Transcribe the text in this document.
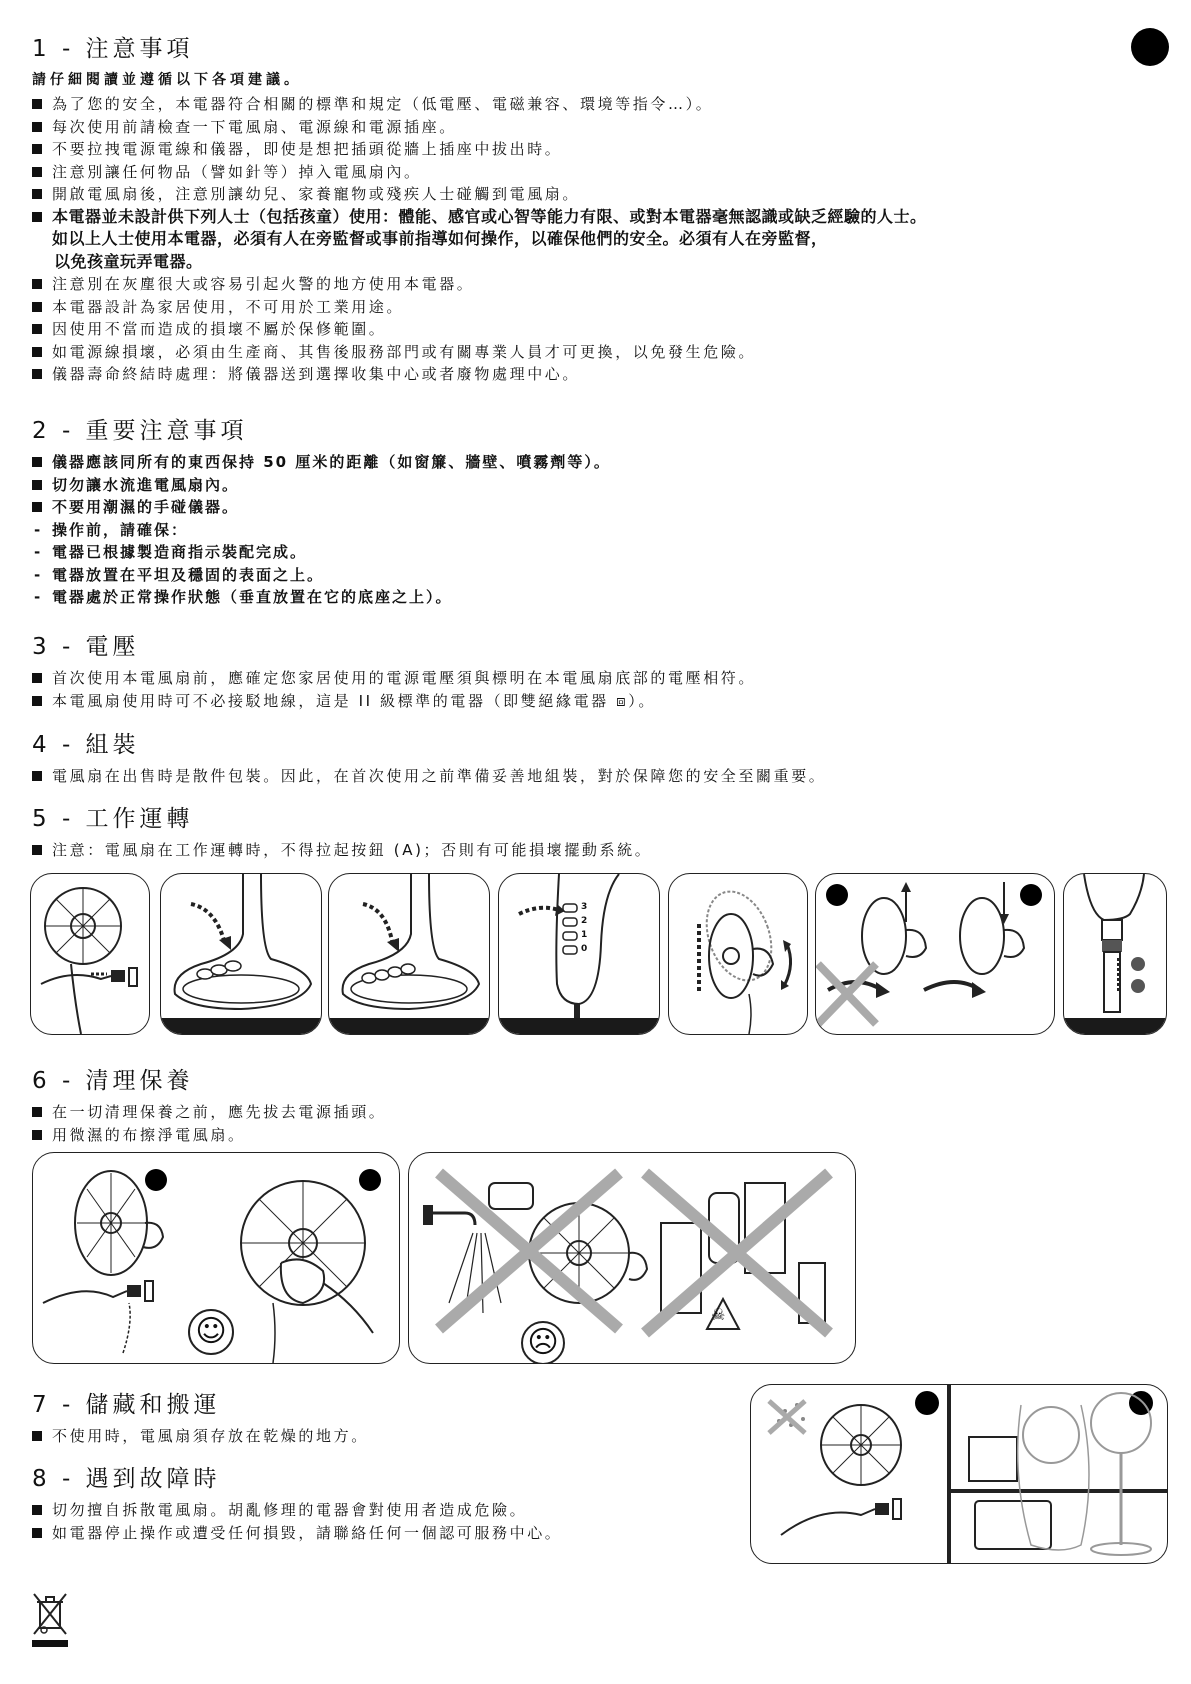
1 - 注意事項
請仔細閱讀並遵循以下各項建議。
為了您的安全，本電器符合相關的標準和規定（低電壓、電磁兼容、環境等指令…）。
每次使用前請檢查一下電風扇、電源線和電源插座。
不要拉拽電源電線和儀器，即使是想把插頭從牆上插座中拔出時。
注意別讓任何物品（譬如針等）掉入電風扇內。
開啟電風扇後，注意別讓幼兒、家養寵物或殘疾人士碰觸到電風扇。
本電器並未設計供下列人士（包括孩童）使用：體能、感官或心智等能力有限、或對本電器毫無認識或缺乏經驗的人士。
如以上人士使用本電器，必須有人在旁監督或事前指導如何操作，以確保他們的安全。必須有人在旁監督，
以免孩童玩弄電器。
注意別在灰塵很大或容易引起火警的地方使用本電器。
本電器設計為家居使用，不可用於工業用途。
因使用不當而造成的損壞不屬於保修範圍。
如電源線損壞，必須由生產商、其售後服務部門或有關專業人員才可更換，以免發生危險。
儀器壽命終結時處理：將儀器送到選擇收集中心或者廢物處理中心。
2 - 重要注意事項
儀器應該同所有的東西保持 50 厘米的距離（如窗簾、牆壁、噴霧劑等）。
切勿讓水流進電風扇內。
不要用潮濕的手碰儀器。
- 操作前，請確保：
- 電器已根據製造商指示裝配完成。
- 電器放置在平坦及穩固的表面之上。
- 電器處於正常操作狀態（垂直放置在它的底座之上）。
3 - 電壓
首次使用本電風扇前，應確定您家居使用的電源電壓須與標明在本電風扇底部的電壓相符。
本電風扇使用時可不必接駁地線，這是 II 級標準的電器（即雙絕緣電器 ⧈）。
4 - 組裝
電風扇在出售時是散件包裝。因此，在首次使用之前準備妥善地組裝，對於保障您的安全至關重要。
5 - 工作運轉
注意：電風扇在工作運轉時，不得拉起按鈕 (A)；否則有可能損壞擺動系統。
3
2
1
0
6 - 清理保養
在一切清理保養之前，應先拔去電源插頭。
用微濕的布擦淨電風扇。
☺	☠
☹
7 - 儲藏和搬運
不使用時，電風扇須存放在乾燥的地方。
8 - 遇到故障時
切勿擅自拆散電風扇。胡亂修理的電器會對使用者造成危險。
如電器停止操作或遭受任何損毀，請聯絡任何一個認可服務中心。
